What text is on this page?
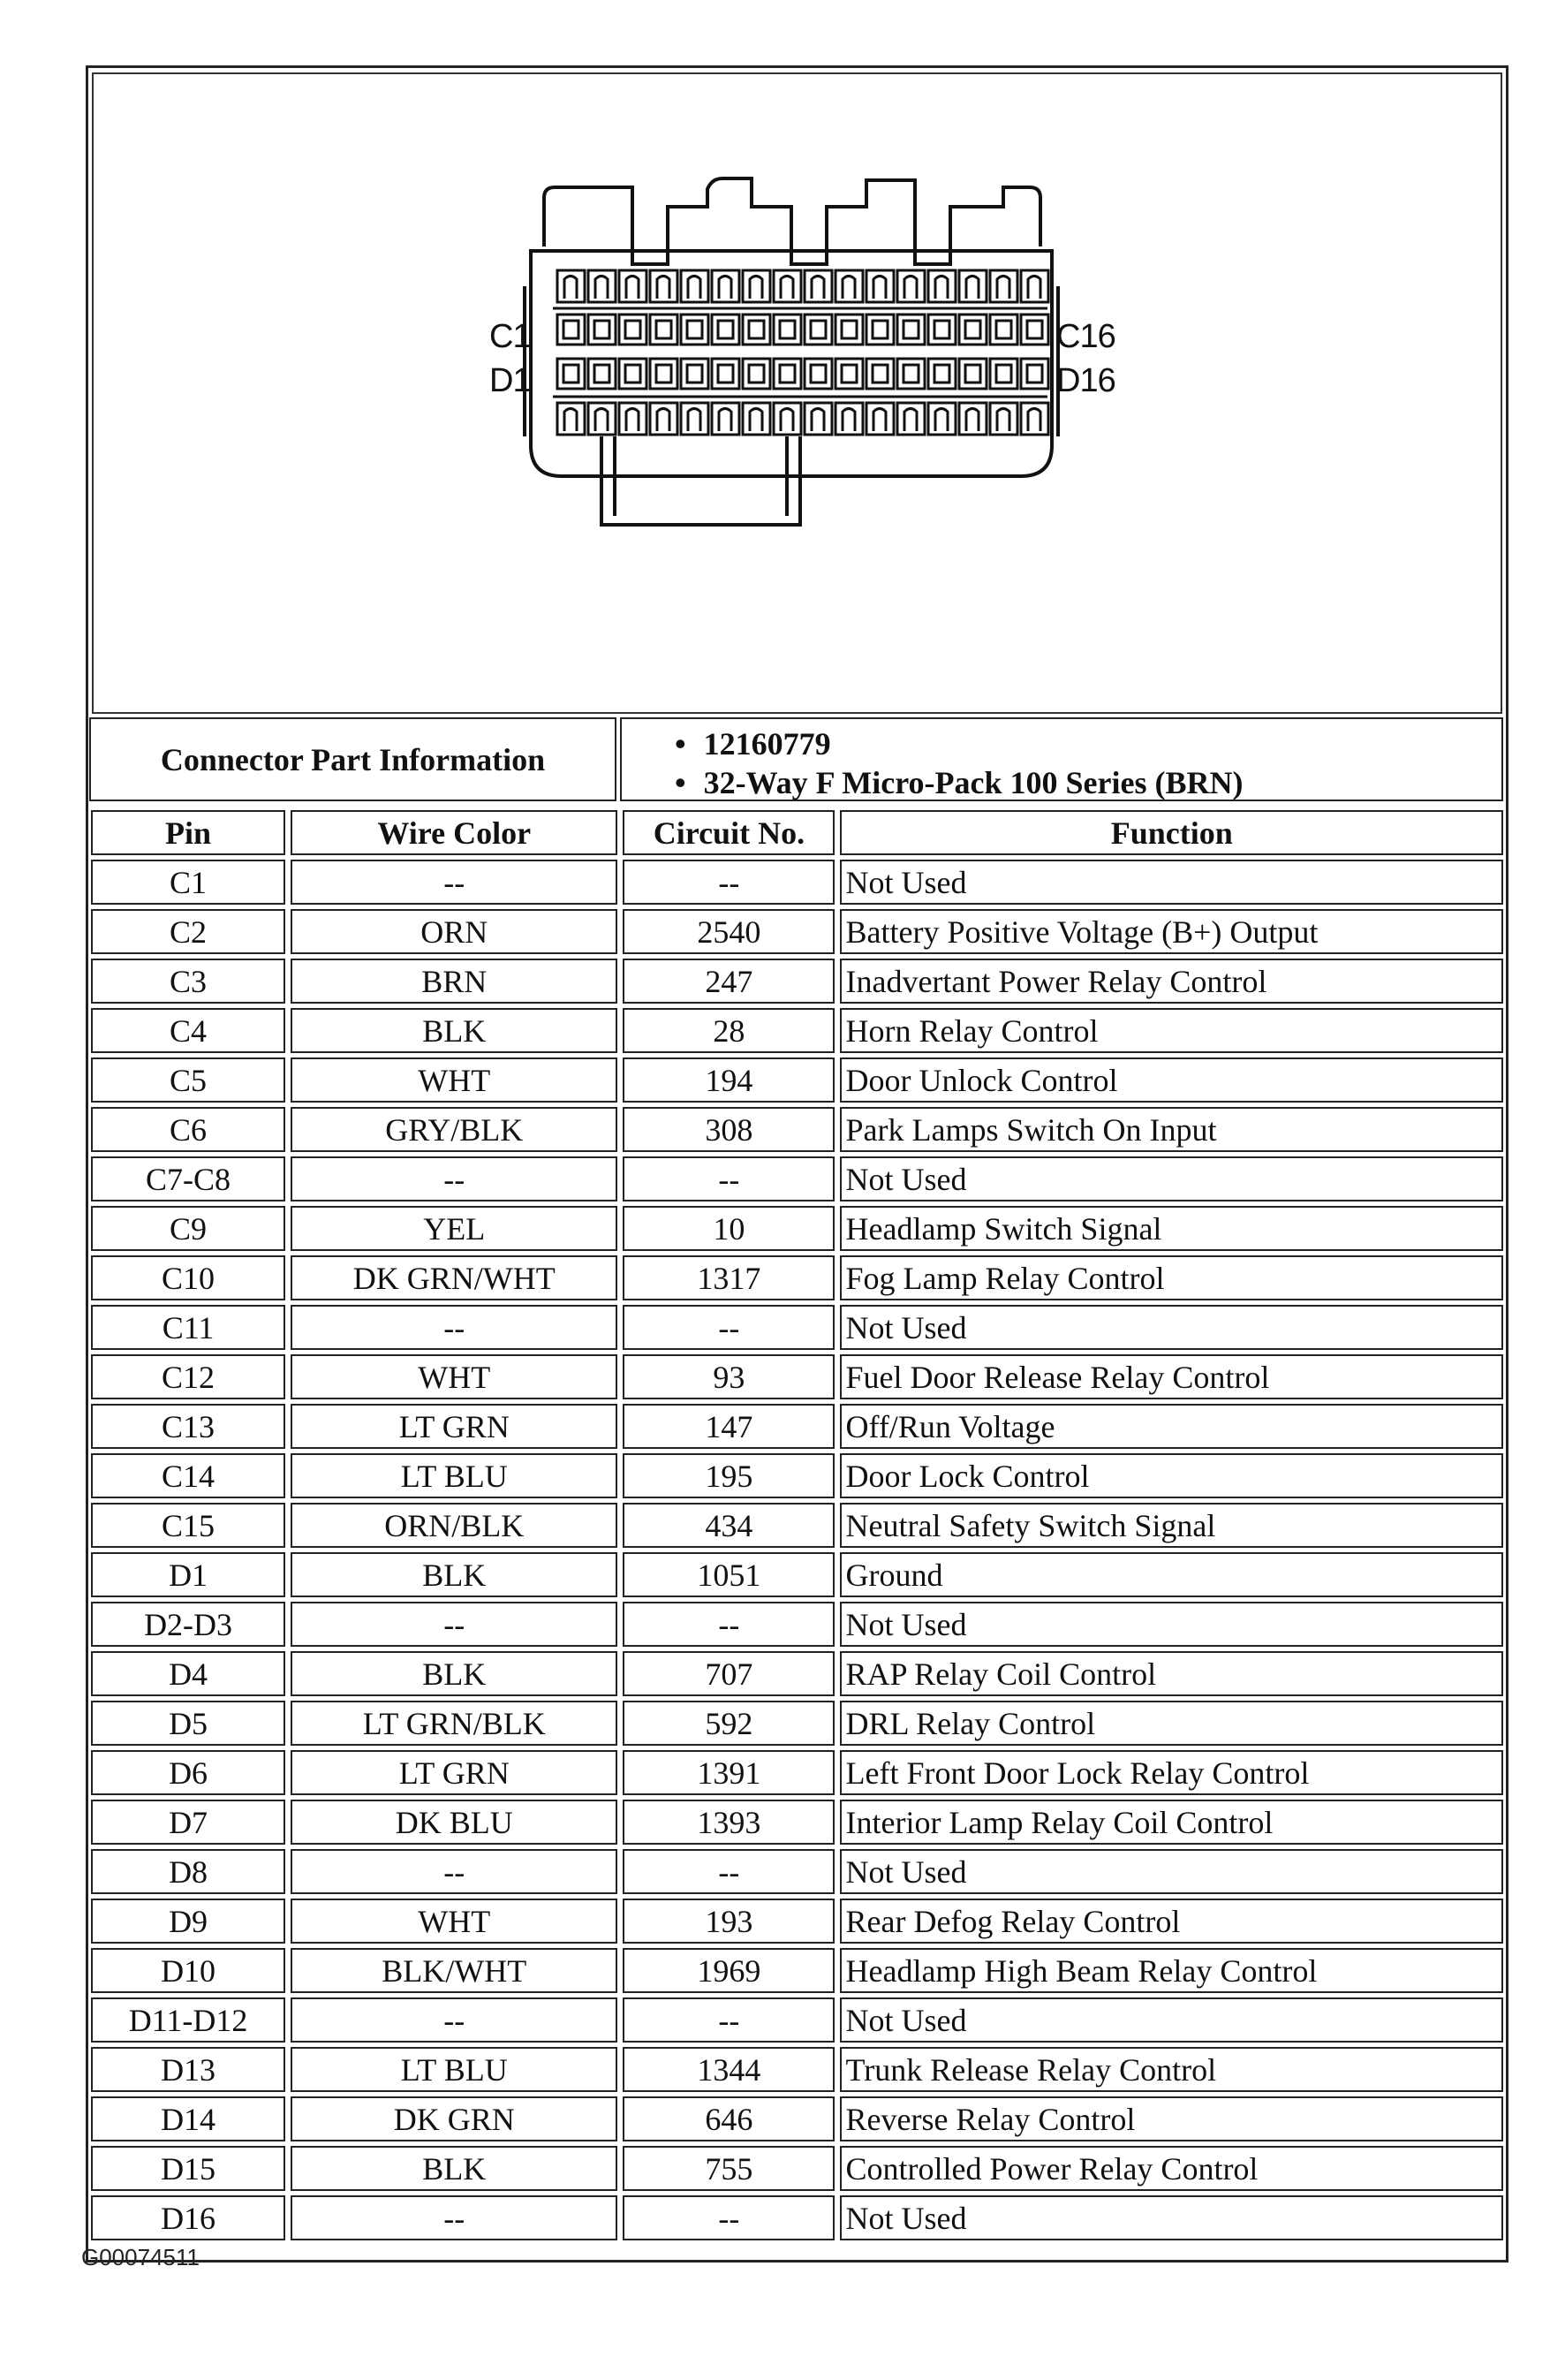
C1
D1
C16
D16
Connector Part Information	• 12160779
• 32-Way F Micro-Pack 100 Series (BRN)
Pin	Wire Color	Circuit No.	Function
C1	--	--	Not Used
C2	ORN	2540	Battery Positive Voltage (B+) Output
C3	BRN	247	Inadvertant Power Relay Control
C4	BLK	28	Horn Relay Control
C5	WHT	194	Door Unlock Control
C6	GRY/BLK	308	Park Lamps Switch On Input
C7-C8	--	--	Not Used
C9	YEL	10	Headlamp Switch Signal
C10	DK GRN/WHT	1317	Fog Lamp Relay Control
C11	--	--	Not Used
C12	WHT	93	Fuel Door Release Relay Control
C13	LT GRN	147	Off/Run Voltage
C14	LT BLU	195	Door Lock Control
C15	ORN/BLK	434	Neutral Safety Switch Signal
D1	BLK	1051	Ground
D2-D3	--	--	Not Used
D4	BLK	707	RAP Relay Coil Control
D5	LT GRN/BLK	592	DRL Relay Control
D6	LT GRN	1391	Left Front Door Lock Relay Control
D7	DK BLU	1393	Interior Lamp Relay Coil Control
D8	--	--	Not Used
D9	WHT	193	Rear Defog Relay Control
D10	BLK/WHT	1969	Headlamp High Beam Relay Control
D11-D12	--	--	Not Used
D13	LT BLU	1344	Trunk Release Relay Control
D14	DK GRN	646	Reverse Relay Control
D15	BLK	755	Controlled Power Relay Control
D16	--	--	Not Used
G00074511
